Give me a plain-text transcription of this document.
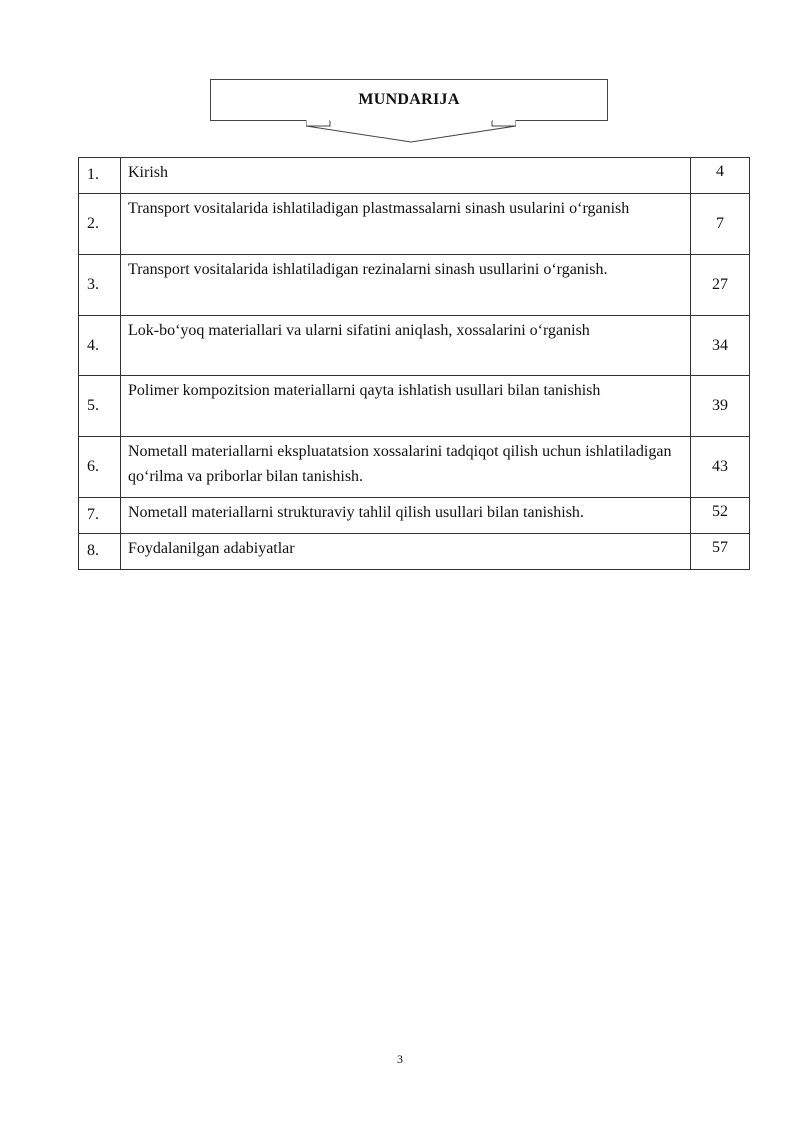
MUNDARIJA
1.	Kirish	4
2.	Transport vositalarida ishlatiladigan plastmassalarni sinash usularini o‘rganish	7
3.	Transport vositalarida ishlatiladigan rezinalarni sinash usullarini o‘rganish.	27
4.	Lok-bo‘yoq materiallari va ularni sifatini aniqlash, xossalarini o‘rganish	34
5.	Polimer kompozitsion materiallarni qayta ishlatish usullari bilan tanishish	39
6.	Nometall materiallarni ekspluatatsion xossalarini tadqiqot qilish uchun ishlatiladigan qo‘rilma va priborlar bilan tanishish.	43
7.	Nometall materiallarni strukturaviy tahlil qilish usullari bilan tanishish.	52
8.	Foydalanilgan adabiyatlar	57
3
